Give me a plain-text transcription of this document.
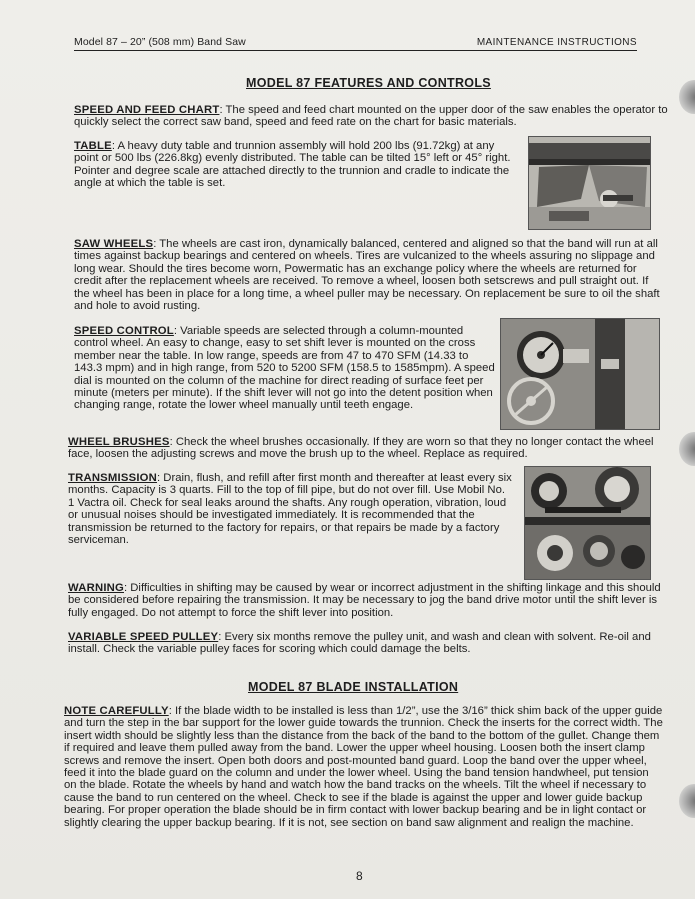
Model 87 – 20” (508 mm) Band Saw	MAINTENANCE INSTRUCTIONS
MODEL 87 FEATURES AND CONTROLS

SPEED AND FEED CHART: The speed and feed chart mounted on the upper door of the saw enables the operator to quickly select the correct saw band, speed and feed rate on the chart for basic materials.

TABLE: A heavy duty table and trunnion assembly will hold 200 lbs (91.72kg) at any point or 500 lbs (226.8kg) evenly distributed. The table can be tilted 15° left or 45° right. Pointer and degree scale are attached directly to the trunnion and cradle to indicate the angle at which the table is set.

SAW WHEELS: The wheels are cast iron, dynamically balanced, centered and aligned so that the band will run at all times against backup bearings and centered on wheels. Tires are vulcanized to the wheels assuring no slippage and long wear. Should the tires become worn, Powermatic has an exchange policy where the wheels are returned for credit after the replacement wheels are received. To remove a wheel, loosen both setscrews and pull straight out. If the wheel has been in place for a long time, a wheel puller may be necessary. On replacement be sure to oil the shaft and hole to avoid rusting.

SPEED CONTROL: Variable speeds are selected through a column-mounted control wheel. An easy to change, easy to set shift lever is mounted on the cross member near the table. In low range, speeds are from 47 to 470 SFM (14.33 to 143.3 mpm) and in high range, from 520 to 5200 SFM (158.5 to 1585mpm). A speed dial is mounted on the column of the machine for direct reading of surface feet per minute (meters per minute). If the shift lever will not go into the detent position when changing range, rotate the lower wheel manually until teeth engage.

WHEEL BRUSHES: Check the wheel brushes occasionally. If they are worn so that they no longer contact the wheel face, loosen the adjusting screws and move the brush up to the wheel. Replace as required.

TRANSMISSION: Drain, flush, and refill after first month and thereafter at least every six months. Capacity is 3 quarts. Fill to the top of fill pipe, but do not over fill. Use Mobil No. 1 Vactra oil. Check for seal leaks around the shafts. Any rough operation, vibration, loud or unusual noises should be investigated immediately. It is recommended that the transmission be returned to the factory for repairs, or that repairs be made by a factory serviceman.

WARNING: Difficulties in shifting may be caused by wear or incorrect adjustment in the shifting linkage and this should be considered before repairing the transmission. It may be necessary to jog the band drive motor until the shift lever is fully engaged. Do not attempt to force the shift lever into position.

VARIABLE SPEED PULLEY: Every six months remove the pulley unit, and wash and clean with solvent. Re-oil and install. Check the variable pulley faces for scoring which could damage the belts.

MODEL 87 BLADE INSTALLATION

NOTE CAREFULLY: If the blade width to be installed is less than 1/2”, use the 3/16” thick shim back of the upper guide and turn the step in the bar support for the lower guide towards the trunnion. Check the inserts for the correct width. The insert width should be slightly less than the distance from the back of the band to the bottom of the gullet. Change them if required and leave them pulled away from the band. Lower the upper wheel housing. Loosen both the insert clamp screws and remove the insert. Open both doors and post-mounted band guard. Loop the band over the upper wheel, feed it into the blade guard on the column and under the lower wheel. Using the band tension handwheel, put tension on the blade. Rotate the wheels by hand and watch how the band tracks on the wheels. Tilt the wheel if necessary to cause the band to run centered on the wheel. Check to see if the blade is against the upper and lower guide backup bearing. For proper operation the blade should be in firm contact with lower backup bearing and be in light contact or slightly clearing the upper backup bearing. If it is not, see section on band saw alignment and realign the machine.

8
